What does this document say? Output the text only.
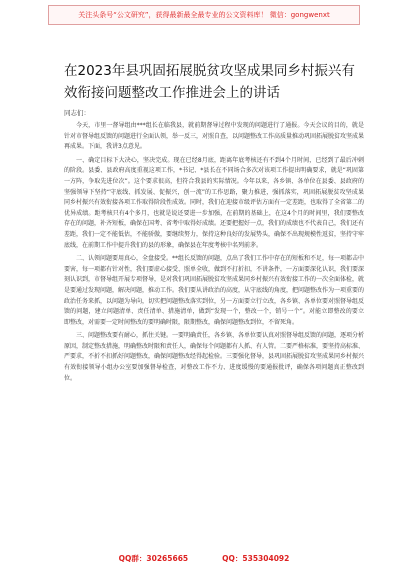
关注头条号“公文研究”，获得最新最全最专业的公文资料库！ 微信：gongwenxt
在2023年县巩固拓展脱贫攻坚成果同乡村振兴有效衔接问题整改工作推进会上的讲话
同志们：

今天，市里一督导组由***组长在临我县，就前期督导过程中发现的问题进行了通报。今天会议的目的，就是针对市督导组反馈的问题进行全面认领，举一反三，对照自查，以问题整改工作高质量推动巩固拓展脱贫攻坚成果再成果。下面，我讲3点意见。

一、确定目标下大决心，坚决完成。现在已经8月底，距离年底考核还有不到4个月时间，已经到了最后冲刺的阶段。县委、县政府高度重视这项工作，*书记、*县长在不同场合多次对该项工作提出明确要求，就是“巩固第一方阵，争取先进位次”。这个要求很高，但符合我县的实际情况。今年以来，各乡镇、各单位在县委、县政府的坚强领导下坚持“守底线、抓发展、促振兴，创一流”的工作思路，聚力推进，强抓落实，巩固拓展脱贫攻坚成果同乡村振兴有效衔接各项工作取得阶段性成效。同时，我们在迎接市级评估方面有一定差距，也取得了全省第二的优异成绩。距考核只有4个多月，也就是说还要进一步加强，在前期的基础上，在这4个月的时间里，我们要整改存在的问题，补齐短板，确保在国考、省考中取得好成绩。还要把握好一点，我们的成绩也不代表自己，我们还有差距，我们一定不能低估，不能骄傲，要继续努力，保持这种良好的发展势头，确保不出现规模性返贫，坚持守牢底线，在前期工作中提升我们的县的形象，确保县在年度考核中名列前茅。

二、认领问题要用真心，全盘接受。**组长反馈的问题，点出了我们工作中存在的短板和不足，每一项都击中要害，每一项都有针对性，我们要虚心接受、照单全收，做到不打折扣，不讲条件，一方面要深化认识，我们要深刻认识到，市督导组开展专项督导，是对我们巩固拓展脱贫攻坚成果同乡村振兴有效衔接工作的一次全面体检，就是要通过发现问题，解决问题，推动工作。我们要从讲政治的高度，从守底线的角度，把问题整改作为一项重要的政治任务来抓，以问题为导向，切实把问题整改落实到位，另一方面要立行立改，各乡镇、各单位要对照督导组反馈的问题，建立问题清单、责任清单、措施清单，做到“发现一个，整改一个，销号一个”。对能立即整改的要立即整改，对需要一定时间整改的要明确时限，限期整改，确保问题整改到位，不留死角。

三、问题整改要有耐心，抓住关键。一要明确责任，各乡镇、各单位要认真对照督导组反馈的问题，逐项分析原因，制定整改措施，明确整改时限和责任人，确保每个问题都有人抓、有人管。二要严格标准，要坚持高标准、严要求，不折不扣抓好问题整改，确保问题整改经得起检验。三要强化督导，县巩固拓展脱贫攻坚成果同乡村振兴有效衔接领导小组办公室要加强督导检查，对整改工作不力、进度缓慢的要通报批评，确保各项问题真正整改到位。

QQ群：30265665	QQ：535304092
